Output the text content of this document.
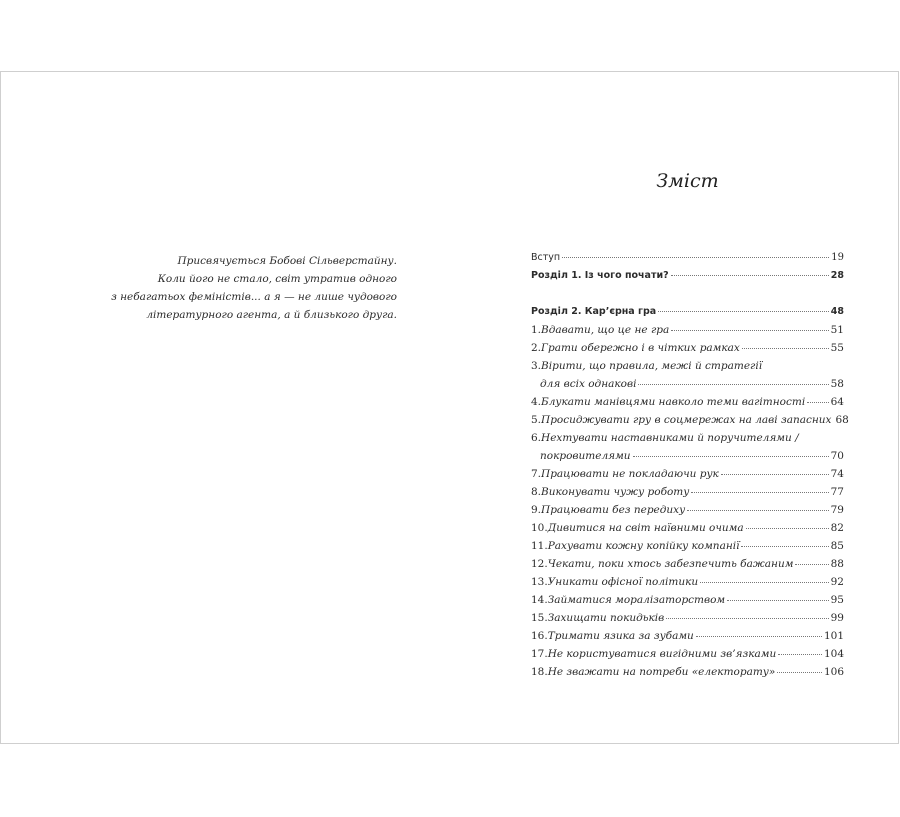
Присвячується Бобові Сільверстайну.
Коли його не стало, світ утратив одного
з небагатьох феміністів... а я — не лише чудового
літературного агента, а й близького друга.
Зміст
Вступ	19
Розділ 1. Із чого почати?	28
Розділ 2. Кар’єрна гра	48
1. Вдавати, що це не гра	51
2. Грати обережно і в чітких рамках	55
3. Вірити, що правила, межі й стратегії
для всіх однакові	58
4. Блукати манівцями навколо теми вагітності 64
5. Просиджувати гру в соцмережах на лаві запасних 68
6. Нехтувати наставниками й поручителями /
покровителями	70
7. Працювати не покладаючи рук	74
8. Виконувати чужу роботу	77
9. Працювати без передиху	79
10. Дивитися на світ наївними очима	82
11. Рахувати кожну копійку компанії	85
12. Чекати, поки хтось забезпечить бажаним	88
13. Уникати офісної політики	92
14. Займатися моралізаторством	95
15. Захищати покидьків	99
16. Тримати язика за зубами	101
17. Не користуватися вигідними зв’язками	104
18. Не зважати на потреби «електорату»	106
